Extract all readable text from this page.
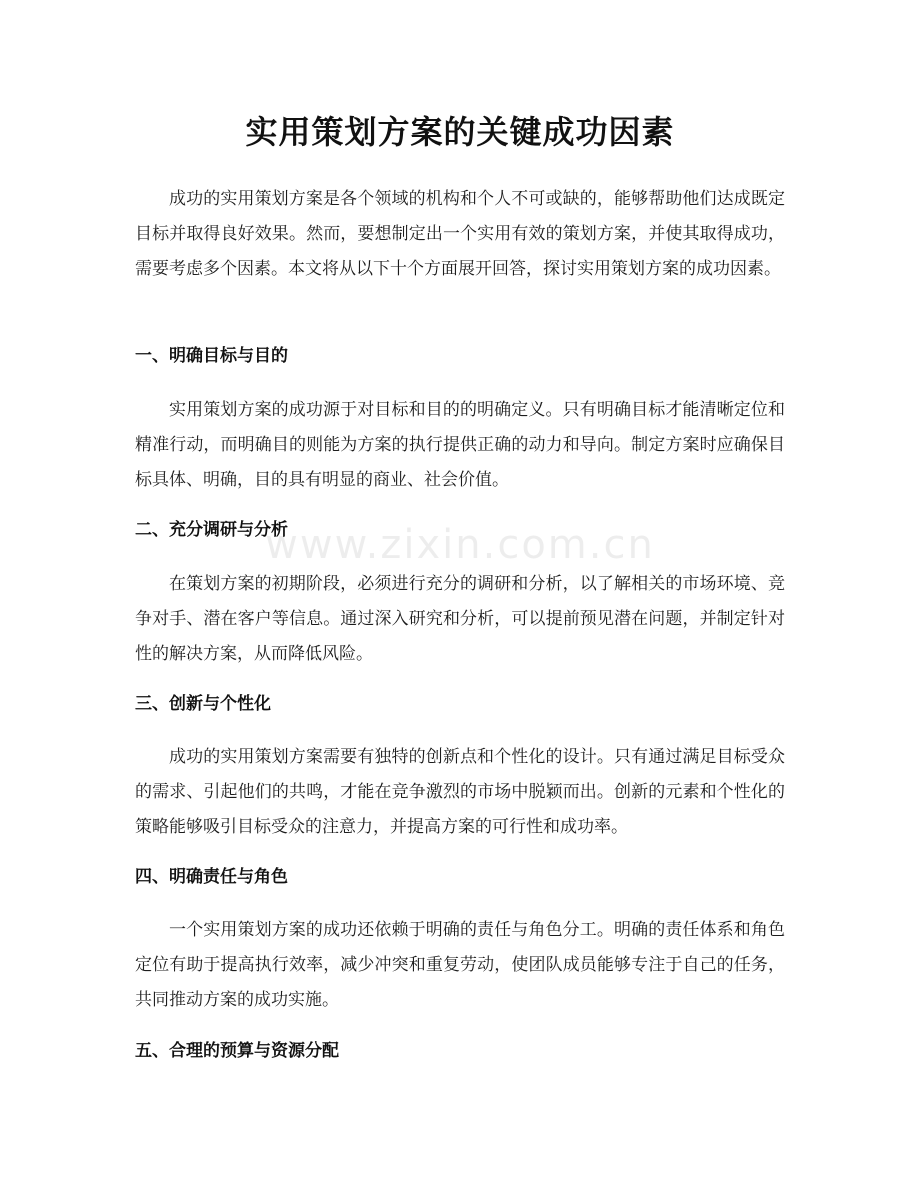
实用策划方案的关键成功因素

成功的实用策划方案是各个领域的机构和个人不可或缺的，能够帮助他们达成既定目标并取得良好效果。然而，要想制定出一个实用有效的策划方案，并使其取得成功，需要考虑多个因素。本文将从以下十个方面展开回答，探讨实用策划方案的成功因素。

一、明确目标与目的

实用策划方案的成功源于对目标和目的的明确定义。只有明确目标才能清晰定位和精准行动，而明确目的则能为方案的执行提供正确的动力和导向。制定方案时应确保目标具体、明确，目的具有明显的商业、社会价值。

二、充分调研与分析

在策划方案的初期阶段，必须进行充分的调研和分析，以了解相关的市场环境、竞争对手、潜在客户等信息。通过深入研究和分析，可以提前预见潜在问题，并制定针对性的解决方案，从而降低风险。

三、创新与个性化

成功的实用策划方案需要有独特的创新点和个性化的设计。只有通过满足目标受众的需求、引起他们的共鸣，才能在竞争激烈的市场中脱颖而出。创新的元素和个性化的策略能够吸引目标受众的注意力，并提高方案的可行性和成功率。

四、明确责任与角色

一个实用策划方案的成功还依赖于明确的责任与角色分工。明确的责任体系和角色定位有助于提高执行效率，减少冲突和重复劳动，使团队成员能够专注于自己的任务，共同推动方案的成功实施。

五、合理的预算与资源分配
www.zixin.com.cn
